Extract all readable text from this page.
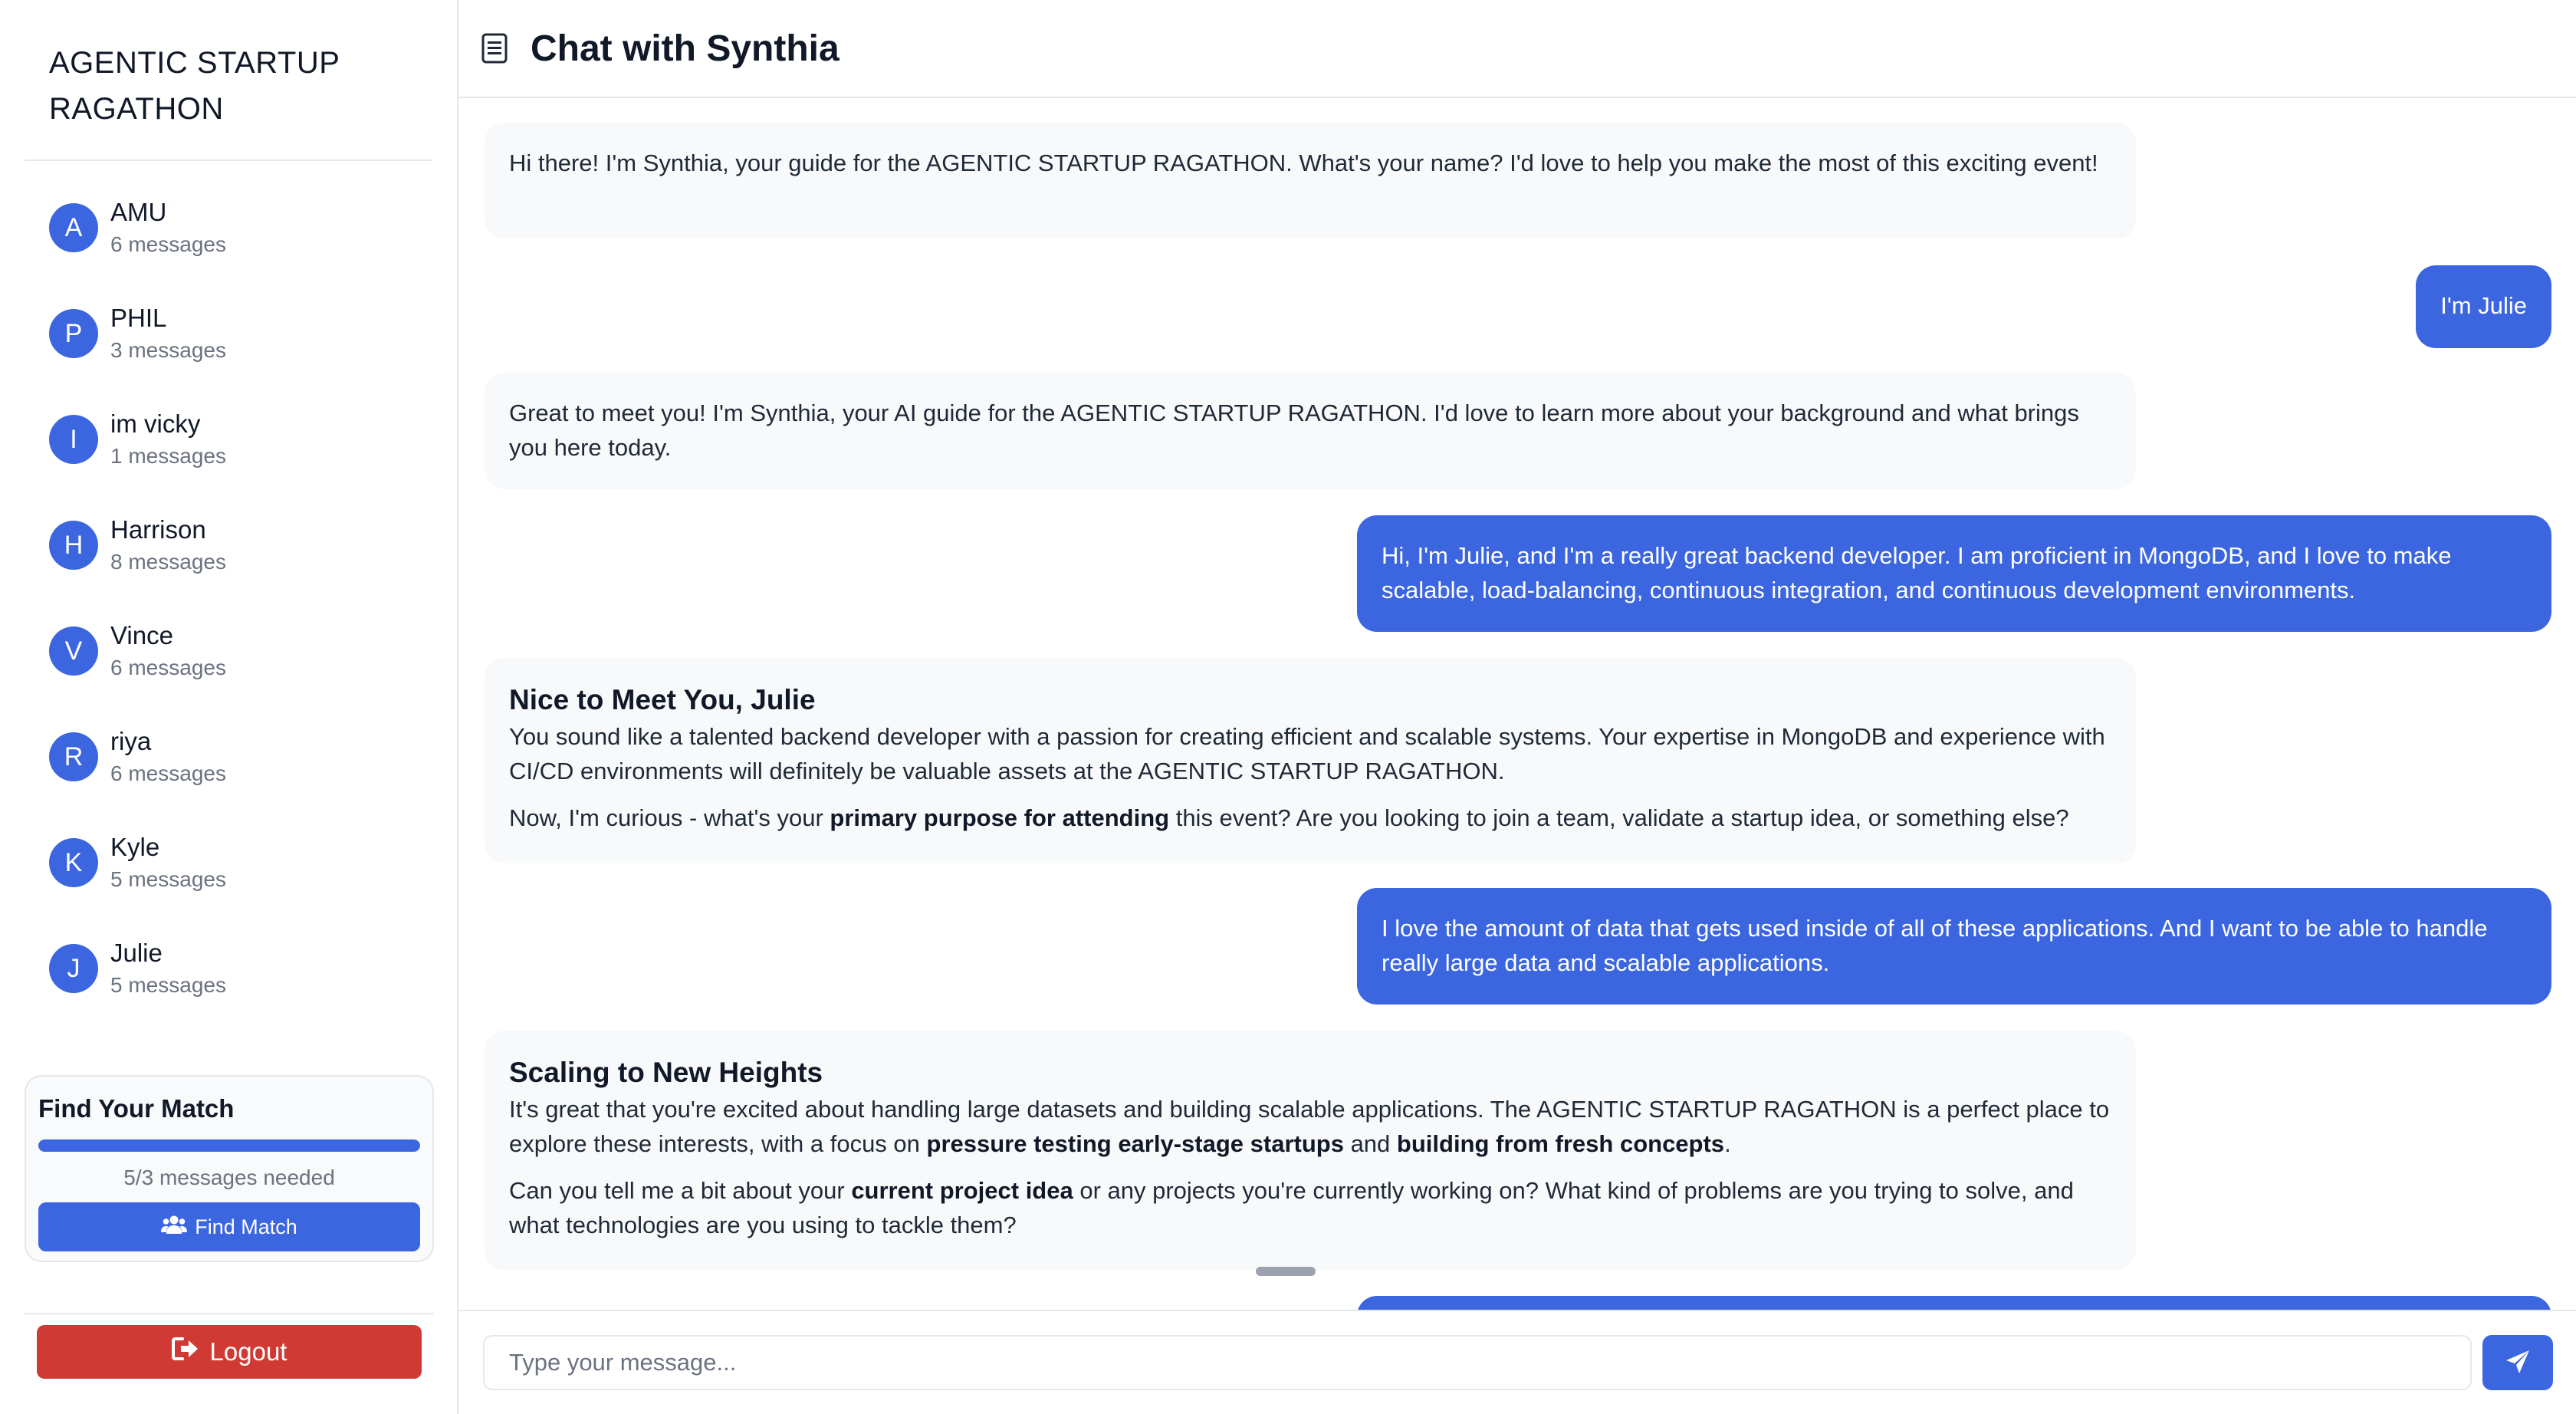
AGENTIC STARTUP RAGATHON
A
AMU
6 messages
P
PHIL
3 messages
I
im vicky
1 messages
H
Harrison
8 messages
V
Vince
6 messages
R
riya
6 messages
K
Kyle
5 messages
J
Julie
5 messages
Find Your Match
5/3 messages needed
Find Match
Logout
Chat with Synthia

Hi there! I'm Synthia, your guide for the AGENTIC STARTUP RAGATHON. What's your name? I'd love to help you make the most of this exciting event!

I'm Julie

Great to meet you! I'm Synthia, your AI guide for the AGENTIC STARTUP RAGATHON. I'd love to learn more about your background and what brings you here today.

Hi, I'm Julie, and I'm a really great backend developer. I am proficient in MongoDB, and I love to make scalable, load-balancing, continuous integration, and continuous development environments.

Nice to Meet You, Julie

You sound like a talented backend developer with a passion for creating efficient and scalable systems. Your expertise in MongoDB and experience with CI/CD environments will definitely be valuable assets at the AGENTIC STARTUP RAGATHON.

Now, I'm curious - what's your primary purpose for attending this event? Are you looking to join a team, validate a startup idea, or something else?

I love the amount of data that gets used inside of all of these applications. And I want to be able to handle really large data and scalable applications.

Scaling to New Heights

It's great that you're excited about handling large datasets and building scalable applications. The AGENTIC STARTUP RAGATHON is a perfect place to explore these interests, with a focus on pressure testing early-stage startups and building from fresh concepts.

Can you tell me a bit about your current project idea or any projects you're currently working on? What kind of problems are you trying to solve, and what technologies are you using to tackle them?

Type your message...
